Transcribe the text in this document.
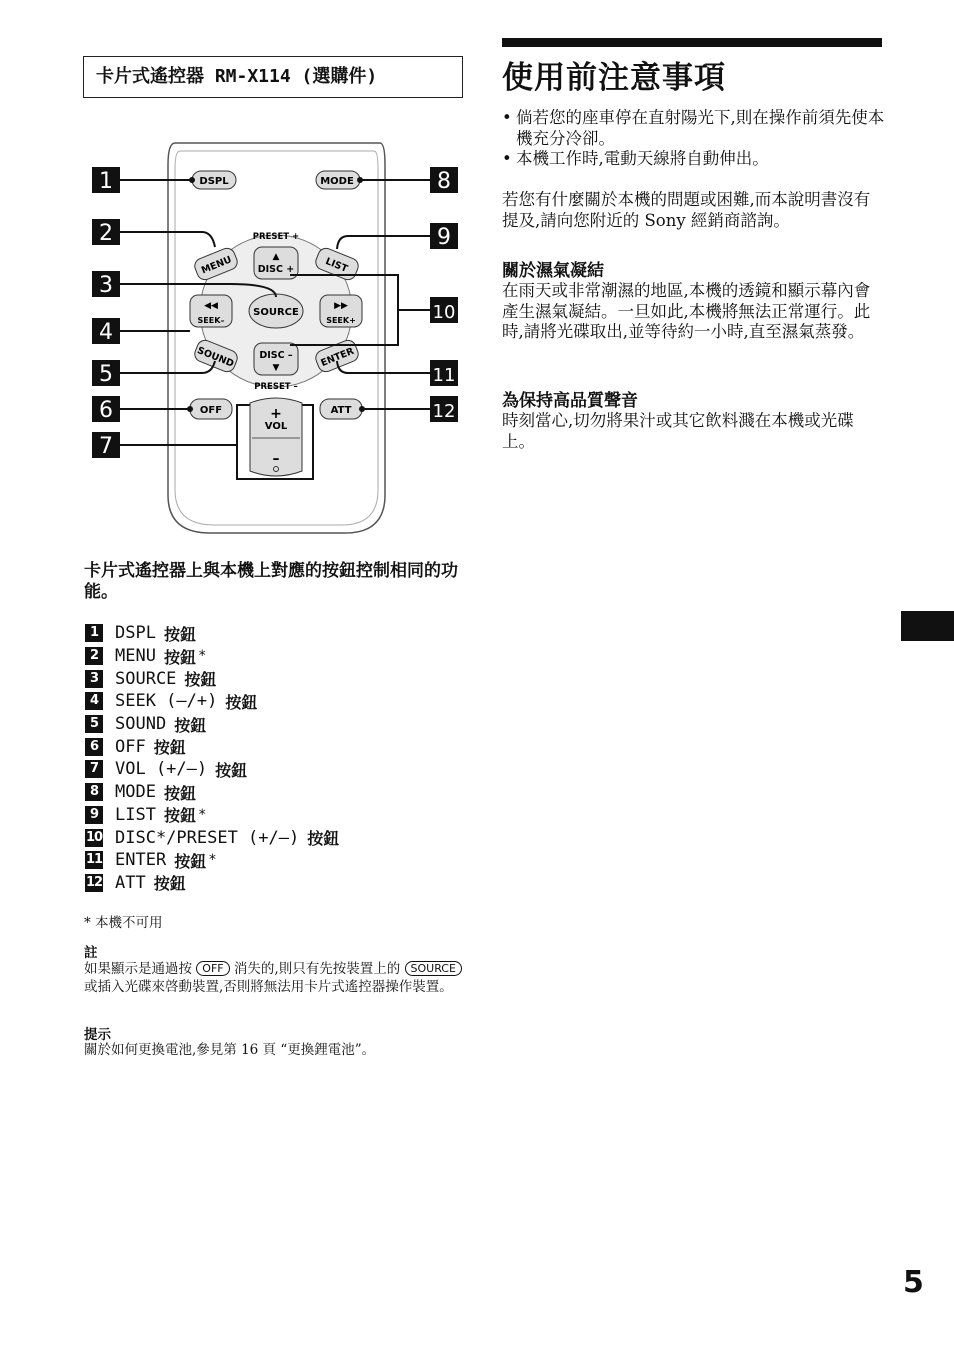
卡片式遙控器 RM-X114 (選購件)
DSPL	MODE
PRESET +
PRESET –
MENU	LIST
▲
DISC +
SOURCE
◀◀
SEEK–
▶▶
SEEK+
DISC –
▼
SOUND	ENTER
OFF	ATT
+
VOL
–
1
2
3
4
5
6
7
8
9
10
11
12
卡片式遙控器上與本機上對應的按鈕控制相同的功能。
1 DSPL 按鈕
2 MENU 按鈕 *
3 SOURCE 按鈕
4 SEEK (–/+) 按鈕
5 SOUND 按鈕
6 OFF 按鈕
7 VOL (+/–) 按鈕
8 MODE 按鈕
9 LIST 按鈕 *
10 DISC*/PRESET (+/–) 按鈕
11 ENTER 按鈕 *
12 ATT 按鈕
* 本機不可用
註
如果顯示是通過按 OFF 消失的,則只有先按裝置上的 SOURCE 或插入光碟來啓動裝置,否則將無法用卡片式遙控器操作裝置。
提示
關於如何更換電池,參見第 16 頁 “更換鋰電池”。
使用前注意事項
• 倘若您的座車停在直射陽光下,則在操作前須先使本機充分冷卻。
• 本機工作時,電動天線將自動伸出。
若您有什麼關於本機的問題或困難,而本說明書沒有提及,請向您附近的 Sony 經銷商諮詢。
關於濕氣凝結
在雨天或非常潮濕的地區,本機的透鏡和顯示幕內會產生濕氣凝結。一旦如此,本機將無法正常運行。此時,請將光碟取出,並等待約一小時,直至濕氣蒸發。
為保持高品質聲音
時刻當心,切勿將果汁或其它飲料濺在本機或光碟上。
5
